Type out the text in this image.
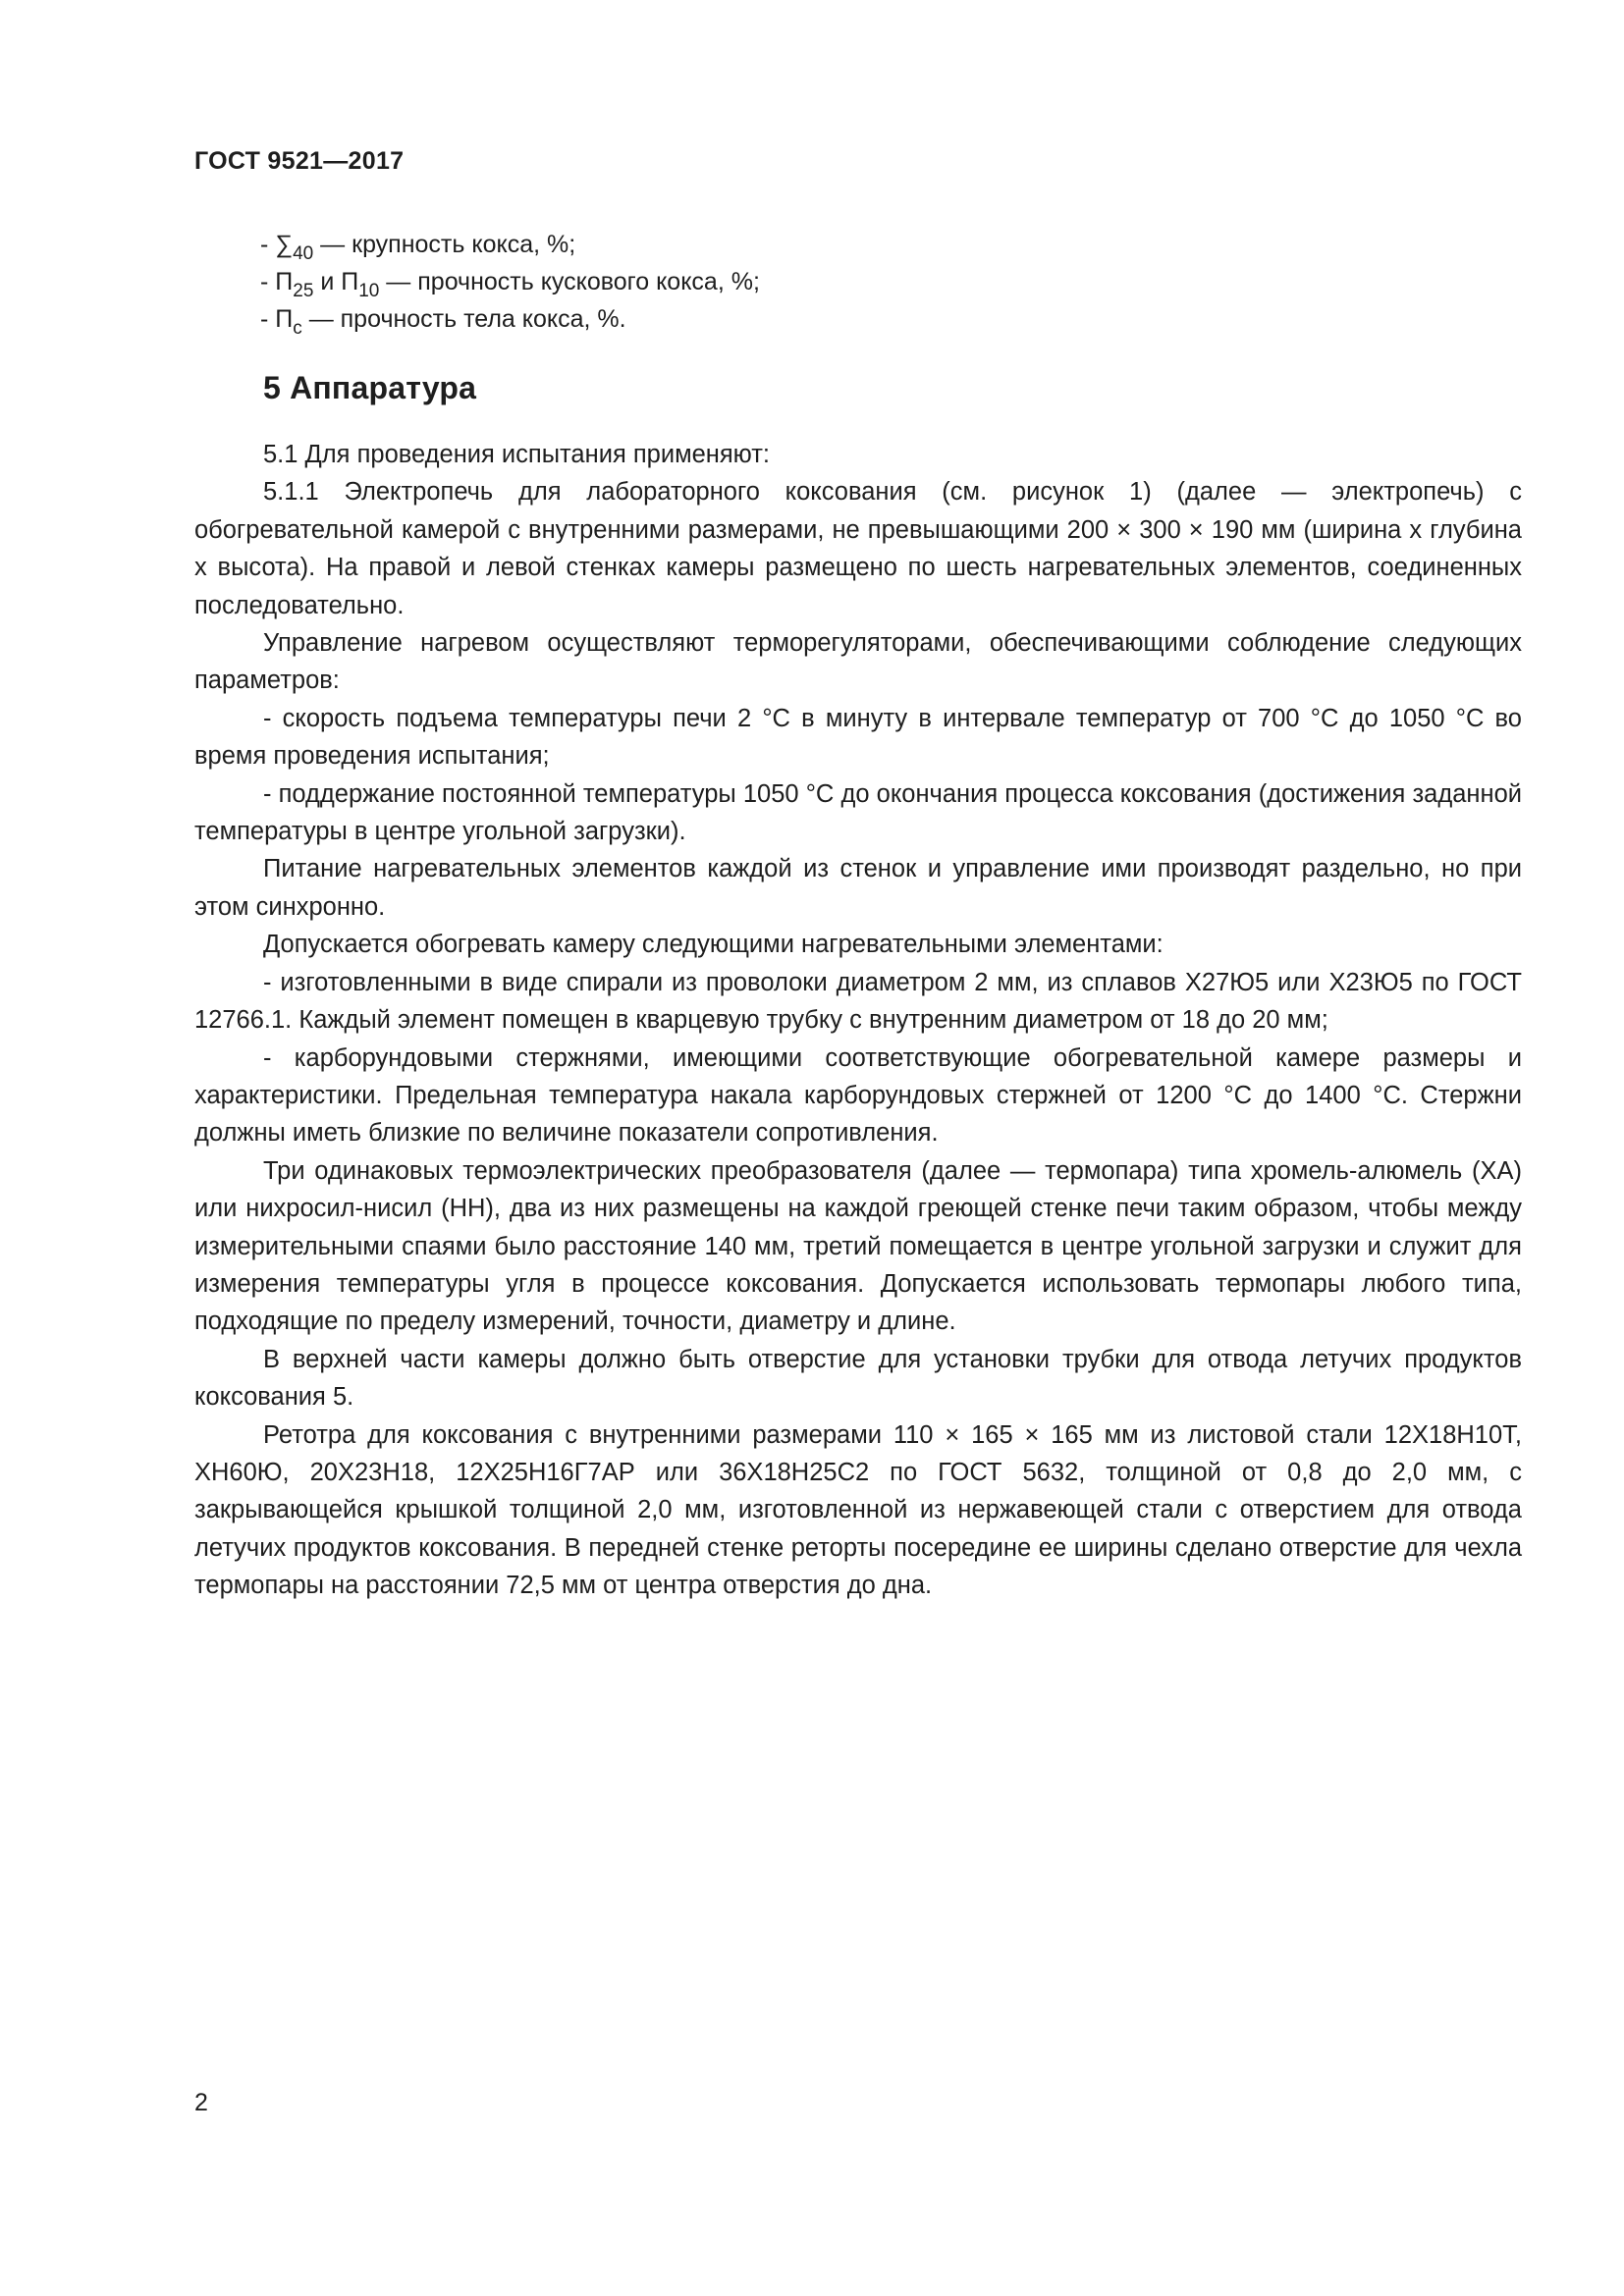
ГОСТ 9521—2017
- $\sum_{40}$ — крупность кокса, %;
- $П_{25}$ и $П_{10}$ — прочность кускового кокса, %;
- $П_с$ — прочность тела кокса, %.
5 Аппаратура

5.1 Для проведения испытания применяют:

5.1.1 Электропечь для лабораторного коксования (см. рисунок 1) (далее — электропечь) с обогревательной камерой с внутренними размерами, не превышающими 200 × 300 × 190 мм (ширина x глубина x высота). На правой и левой стенках камеры размещено по шесть нагревательных элементов, соединенных последовательно.

Управление нагревом осуществляют терморегуляторами, обеспечивающими соблюдение следующих параметров:

- скорость подъема температуры печи 2 °С в минуту в интервале температур от 700 °С до 1050 °С во время проведения испытания;

- поддержание постоянной температуры 1050 °С до окончания процесса коксования (достижения заданной температуры в центре угольной загрузки).

Питание нагревательных элементов каждой из стенок и управление ими производят раздельно, но при этом синхронно.

Допускается обогревать камеру следующими нагревательными элементами:

- изготовленными в виде спирали из проволоки диаметром 2 мм, из сплавов Х27Ю5 или Х23Ю5 по ГОСТ 12766.1. Каждый элемент помещен в кварцевую трубку с внутренним диаметром от 18 до 20 мм;

- карборундовыми стержнями, имеющими соответствующие обогревательной камере размеры и характеристики. Предельная температура накала карборундовых стержней от 1200 °С до 1400 °С. Стержни должны иметь близкие по величине показатели сопротивления.

Три одинаковых термоэлектрических преобразователя (далее — термопара) типа хромель-алюмель (ХА) или нихросил-нисил (НН), два из них размещены на каждой греющей стенке печи таким образом, чтобы между измерительными спаями было расстояние 140 мм, третий помещается в центре угольной загрузки и служит для измерения температуры угля в процессе коксования. Допускается использовать термопары любого типа, подходящие по пределу измерений, точности, диаметру и длине.

В верхней части камеры должно быть отверстие для установки трубки для отвода летучих продуктов коксования 5.

Ретотра для коксования с внутренними размерами 110 × 165 × 165 мм из листовой стали 12Х18Н10Т, ХН60Ю, 20Х23Н18, 12Х25Н16Г7АР или 36Х18Н25С2 по ГОСТ 5632, толщиной от 0,8 до 2,0 мм, с закрывающейся крышкой толщиной 2,0 мм, изготовленной из нержавеющей стали с отверстием для отвода летучих продуктов коксования. В передней стенке реторты посередине ее ширины сделано отверстие для чехла термопары на расстоянии 72,5 мм от центра отверстия до дна.

2
